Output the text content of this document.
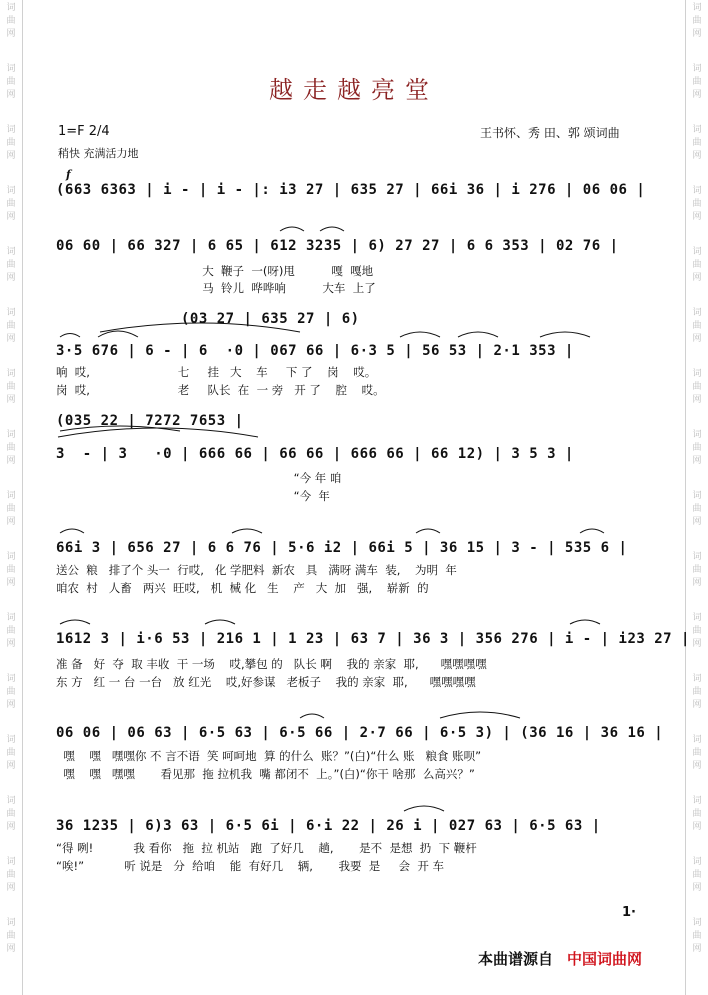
词
曲
网
词
曲
网
词
曲
网
词
曲
网
词
曲
网
词
曲
网
词
曲
网
词
曲
网
词
曲
网
词
曲
网
词
曲
网
词
曲
网
词
曲
网
词
曲
网
词
曲
网
词
曲
网
词
曲
网
词
曲
网
词
曲
网
词
曲
网
词
曲
网
词
曲
网
词
曲
网
词
曲
网
词
曲
网
词
曲
网
词
曲
网
词
曲
网
词
曲
网
词
曲
网
词
曲
网
词
曲
网
越走越亮堂
1=F 2/4
稍快 充满活力地
王书怀、秀 田、郭 颂词曲
f
(663 6363 | i - | i - |: i3 27 | 635 27 | 66i 36 | i 276 | 06 06 |
06 60 | 66 327 | 6 65 | 612 3235 | 6) 27 27 | 6 6 353 | 02 76 |
大  鞭子  一(呀)甩          嘎  嘎地
马  铃儿  哗哗响          大车  上了
(03 27 | 635 27 | 6)
3·5 676 | 6 - | 6  ·0 | 067 66 | 6·3 5 | 56 53 | 2·1 353 |
响  哎,                        七     挂   大    车     下 了    岗    哎。
岗  哎,                        老     队长  在  一 旁   开 了    腔    哎。
(035 22 | 7272 7653 |
3  - | 3   ·0 | 666 66 | 66 66 | 666 66 | 66 12) | 3 5 3 |
“今 年 咱
“今  年
66i 3 | 656 27 | 6 6 76 | 5·6 i2 | 66i 5 | 36 15 | 3 - | 535 6 |
送公  粮   排了个 头一  行哎,   化 学肥料  新农   具   满呀 满车  装,    为明  年
咱农  村   人畜   两兴  旺哎,   机  械 化   生    产   大  加   强,    崭新  的
1612 3 | i·6 53 | 216 1 | 1 23 | 63 7 | 36 3 | 356 276 | i - | i23 27 |
准 备   好  夺  取 丰收  干 一场    哎,攀包 的   队长 啊    我的 亲家  耶,      嘿嘿嘿嘿
东 方   红 一 台 一台   放 红光    哎,好参谋   老板子    我的 亲家  耶,      嘿嘿嘿嘿
06 06 | 06 63 | 6·5 63 | 6·5 66 | 2·7 66 | 6·5 3) | (36 16 | 36 16 |
嘿    嘿   嘿嘿你 不 言不语  笑 呵呵地  算 的什么  账？”(白)“什么 账   粮食 账呗”
嘿    嘿   嘿嘿       看见那  拖 拉机我  嘴 都闭不  上。”(白)“你干 啥那  么高兴？”
36 1235 | 6)3 63 | 6·5 6i | 6·i 22 | 26 i | 027 63 | 6·5 63 |
“得 咧!           我 看你   拖  拉 机站   跑  了好几    趟,       是不  是想  扔  下 鞭杆
“唉!”           听 说是   分  给咱    能  有好几    辆,       我要  是     会  开 车
1·
本曲谱源自 中国词曲网
